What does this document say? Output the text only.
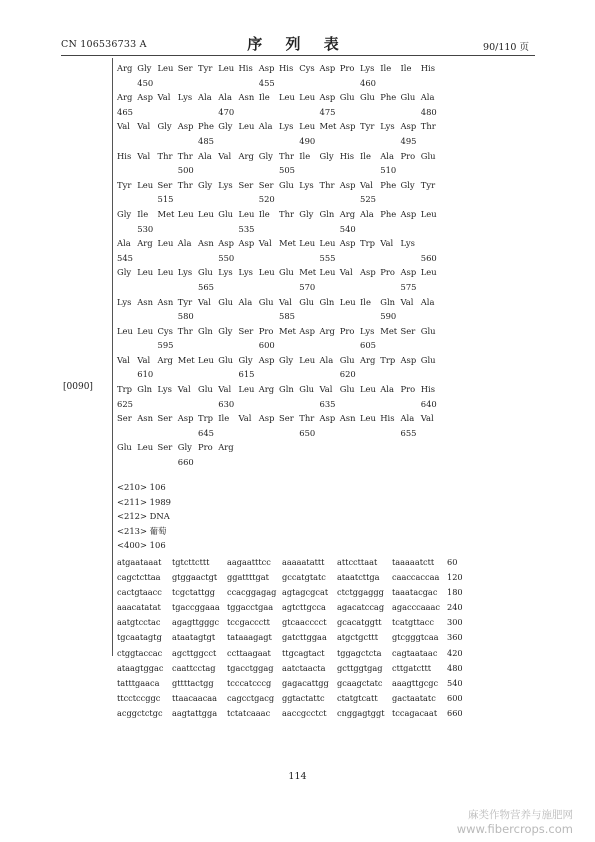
CN 106536733 A	序 列 表	90/110 页
[0090]
Arg Gly Leu Ser Tyr Leu His Asp His Cys Asp Pro Lys Ile	Ile	His
450	455	460
Arg Asp Val Lys Ala Ala Asn Ile	Leu Leu Asp Glu Glu Phe Glu Ala
465	470	475	480
Val Val Gly Asp Phe Gly Leu Ala Lys Leu Met Asp Tyr Lys Asp Thr
485	490	495
His Val Thr Thr Ala Val Arg Gly Thr Ile	Gly His Ile	Ala Pro Glu
500	505	510
Tyr Leu Ser Thr Gly Lys Ser Ser Glu Lys Thr Asp Val Phe Gly Tyr
515	520	525
Gly Ile	Met Leu Leu Glu Leu Ile	Thr Gly Gln Arg Ala Phe Asp Leu
530	535	540
Ala Arg Leu Ala Asn Asp Asp Val Met Leu Leu Asp Trp Val Lys
545	550	555	560
Gly Leu Leu Lys Glu Lys Lys Leu Glu Met Leu Val Asp Pro Asp Leu
565	570	575
Lys Asn Asn Tyr Val Glu Ala Glu Val Glu Gln Leu Ile	Gln Val Ala
580	585	590
Leu Leu Cys Thr Gln Gly Ser Pro Met Asp Arg Pro Lys Met Ser Glu
595	600	605
Val Val Arg Met Leu Glu Gly Asp Gly Leu Ala Glu Arg Trp Asp Glu
610	615	620
Trp Gln Lys Val Glu Val Leu Arg Gln Glu Val Glu Leu Ala Pro His
625	630	635	640
Ser Asn Ser Asp Trp Ile	Val Asp Ser Thr Asp Asn Leu His Ala Val
645	650	655
Glu Leu Ser Gly Pro Arg
660
<210> 106
<211> 1989
<212> DNA
<213> 葡萄
<400> 106
atgaataaat	tgtcttcttt	aagaatttcc	aaaaatattt	attccttaat	taaaaatctt	60
cagctcttaa	gtggaactgt	ggattttgat	gccatgtatc	ataatcttga	caaccaccaa 120
cactgtaacc	tcgctattgg	ccacggagag agtagcgcat	ctctggaggg taaatacgac	180
aaacatatat	tgaccggaaa tggacctgaa	agtcttgcca	agacatccag agacccaaac 240
aatgtcctac	agagttgggc tccgaccctt	gtcaacccct	gcacatggtt	tcatgttacc	300
tgcaatagtg	ataatagtgt	tataaagagt	gatcttggaa	atgctgcttt	gtcgggtcaa	360
ctggtaccac	agcttggcct	ccttaagaat	ttgcagtact	tggagctcta	cagtaataac	420
ataagtggac	caattcctag	tgacctggag	aatctaacta	gcttggtgag	cttgatcttt	480
tatttgaaca	gttttactgg	tcccatcccg	gagacattgg	gcaagctatc	aaagttgcgc	540
ttcctccggc	ttaacaacaa	cagcctgacg ggtactattc	ctatgtcatt	gactaatatc	600
acggctctgc	aagtattgga	tctatcaaac	aaccgcctct	cnggagtggt tccagacaat	660
114
麻类作物营养与施肥网
www.fibercrops.com
